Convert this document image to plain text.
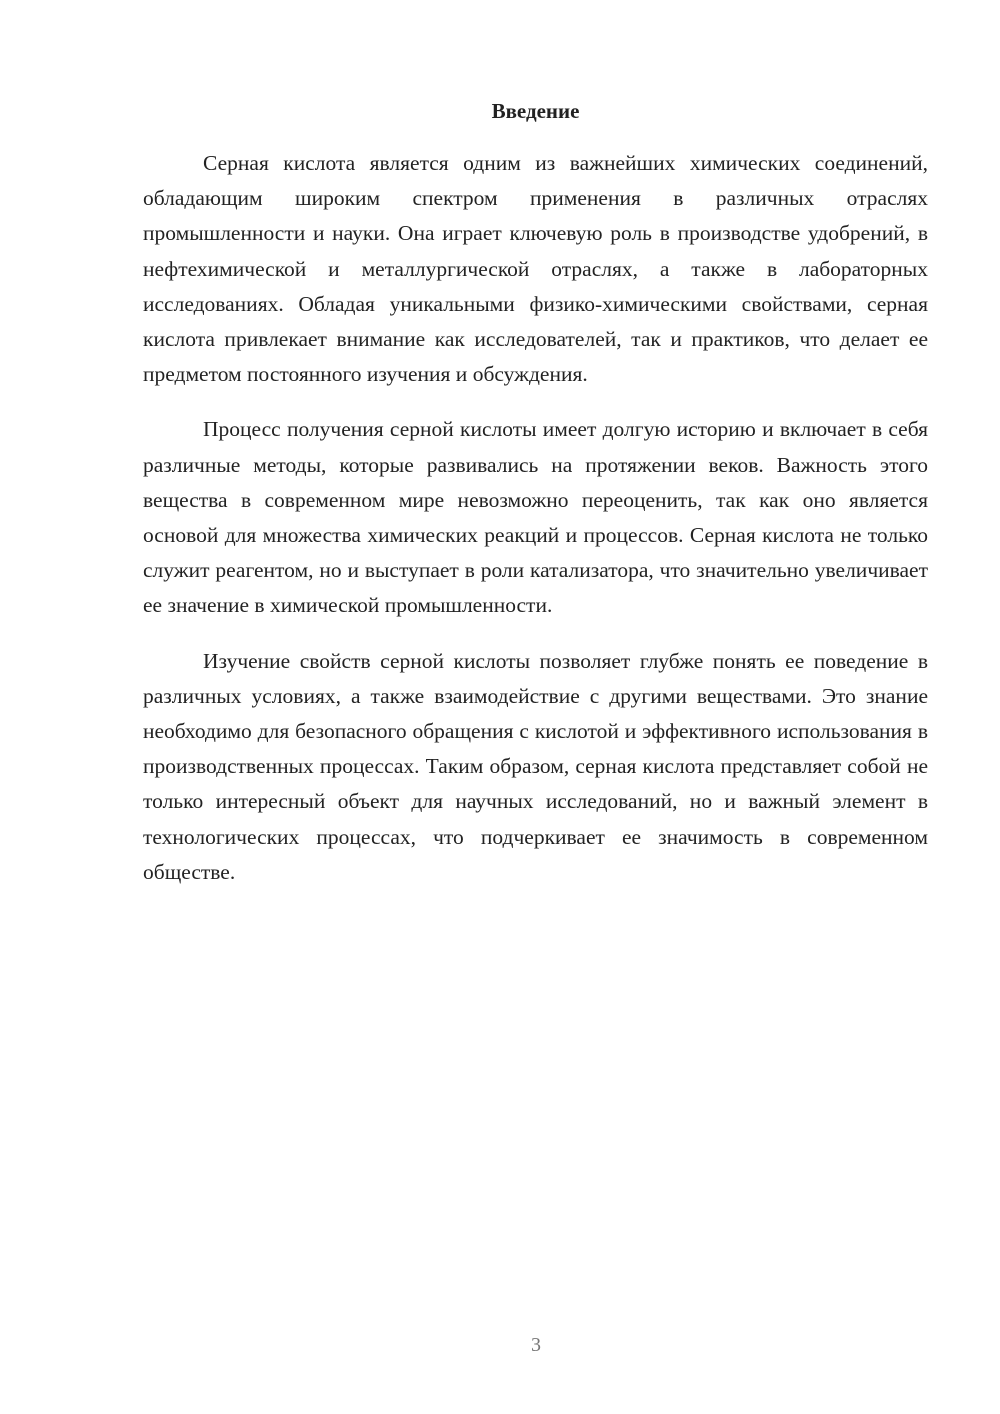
Введение

Серная кислота является одним из важнейших химических соединений, обладающим широким спектром применения в различных отраслях промышленности и науки. Она играет ключевую роль в производстве удобрений, в нефтехимической и металлургической отраслях, а также в лабораторных исследованиях. Обладая уникальными физико-химическими свойствами, серная кислота привлекает внимание как исследователей, так и практиков, что делает ее предметом постоянного изучения и обсуждения.

Процесс получения серной кислоты имеет долгую историю и включает в себя различные методы, которые развивались на протяжении веков. Важность этого вещества в современном мире невозможно переоценить, так как оно является основой для множества химических реакций и процессов. Серная кислота не только служит реагентом, но и выступает в роли катализатора, что значительно увеличивает ее значение в химической промышленности.

Изучение свойств серной кислоты позволяет глубже понять ее поведение в различных условиях, а также взаимодействие с другими веществами. Это знание необходимо для безопасного обращения с кислотой и эффективного использования в производственных процессах. Таким образом, серная кислота представляет собой не только интересный объект для научных исследований, но и важный элемент в технологических процессах, что подчеркивает ее значимость в современном обществе.

3
